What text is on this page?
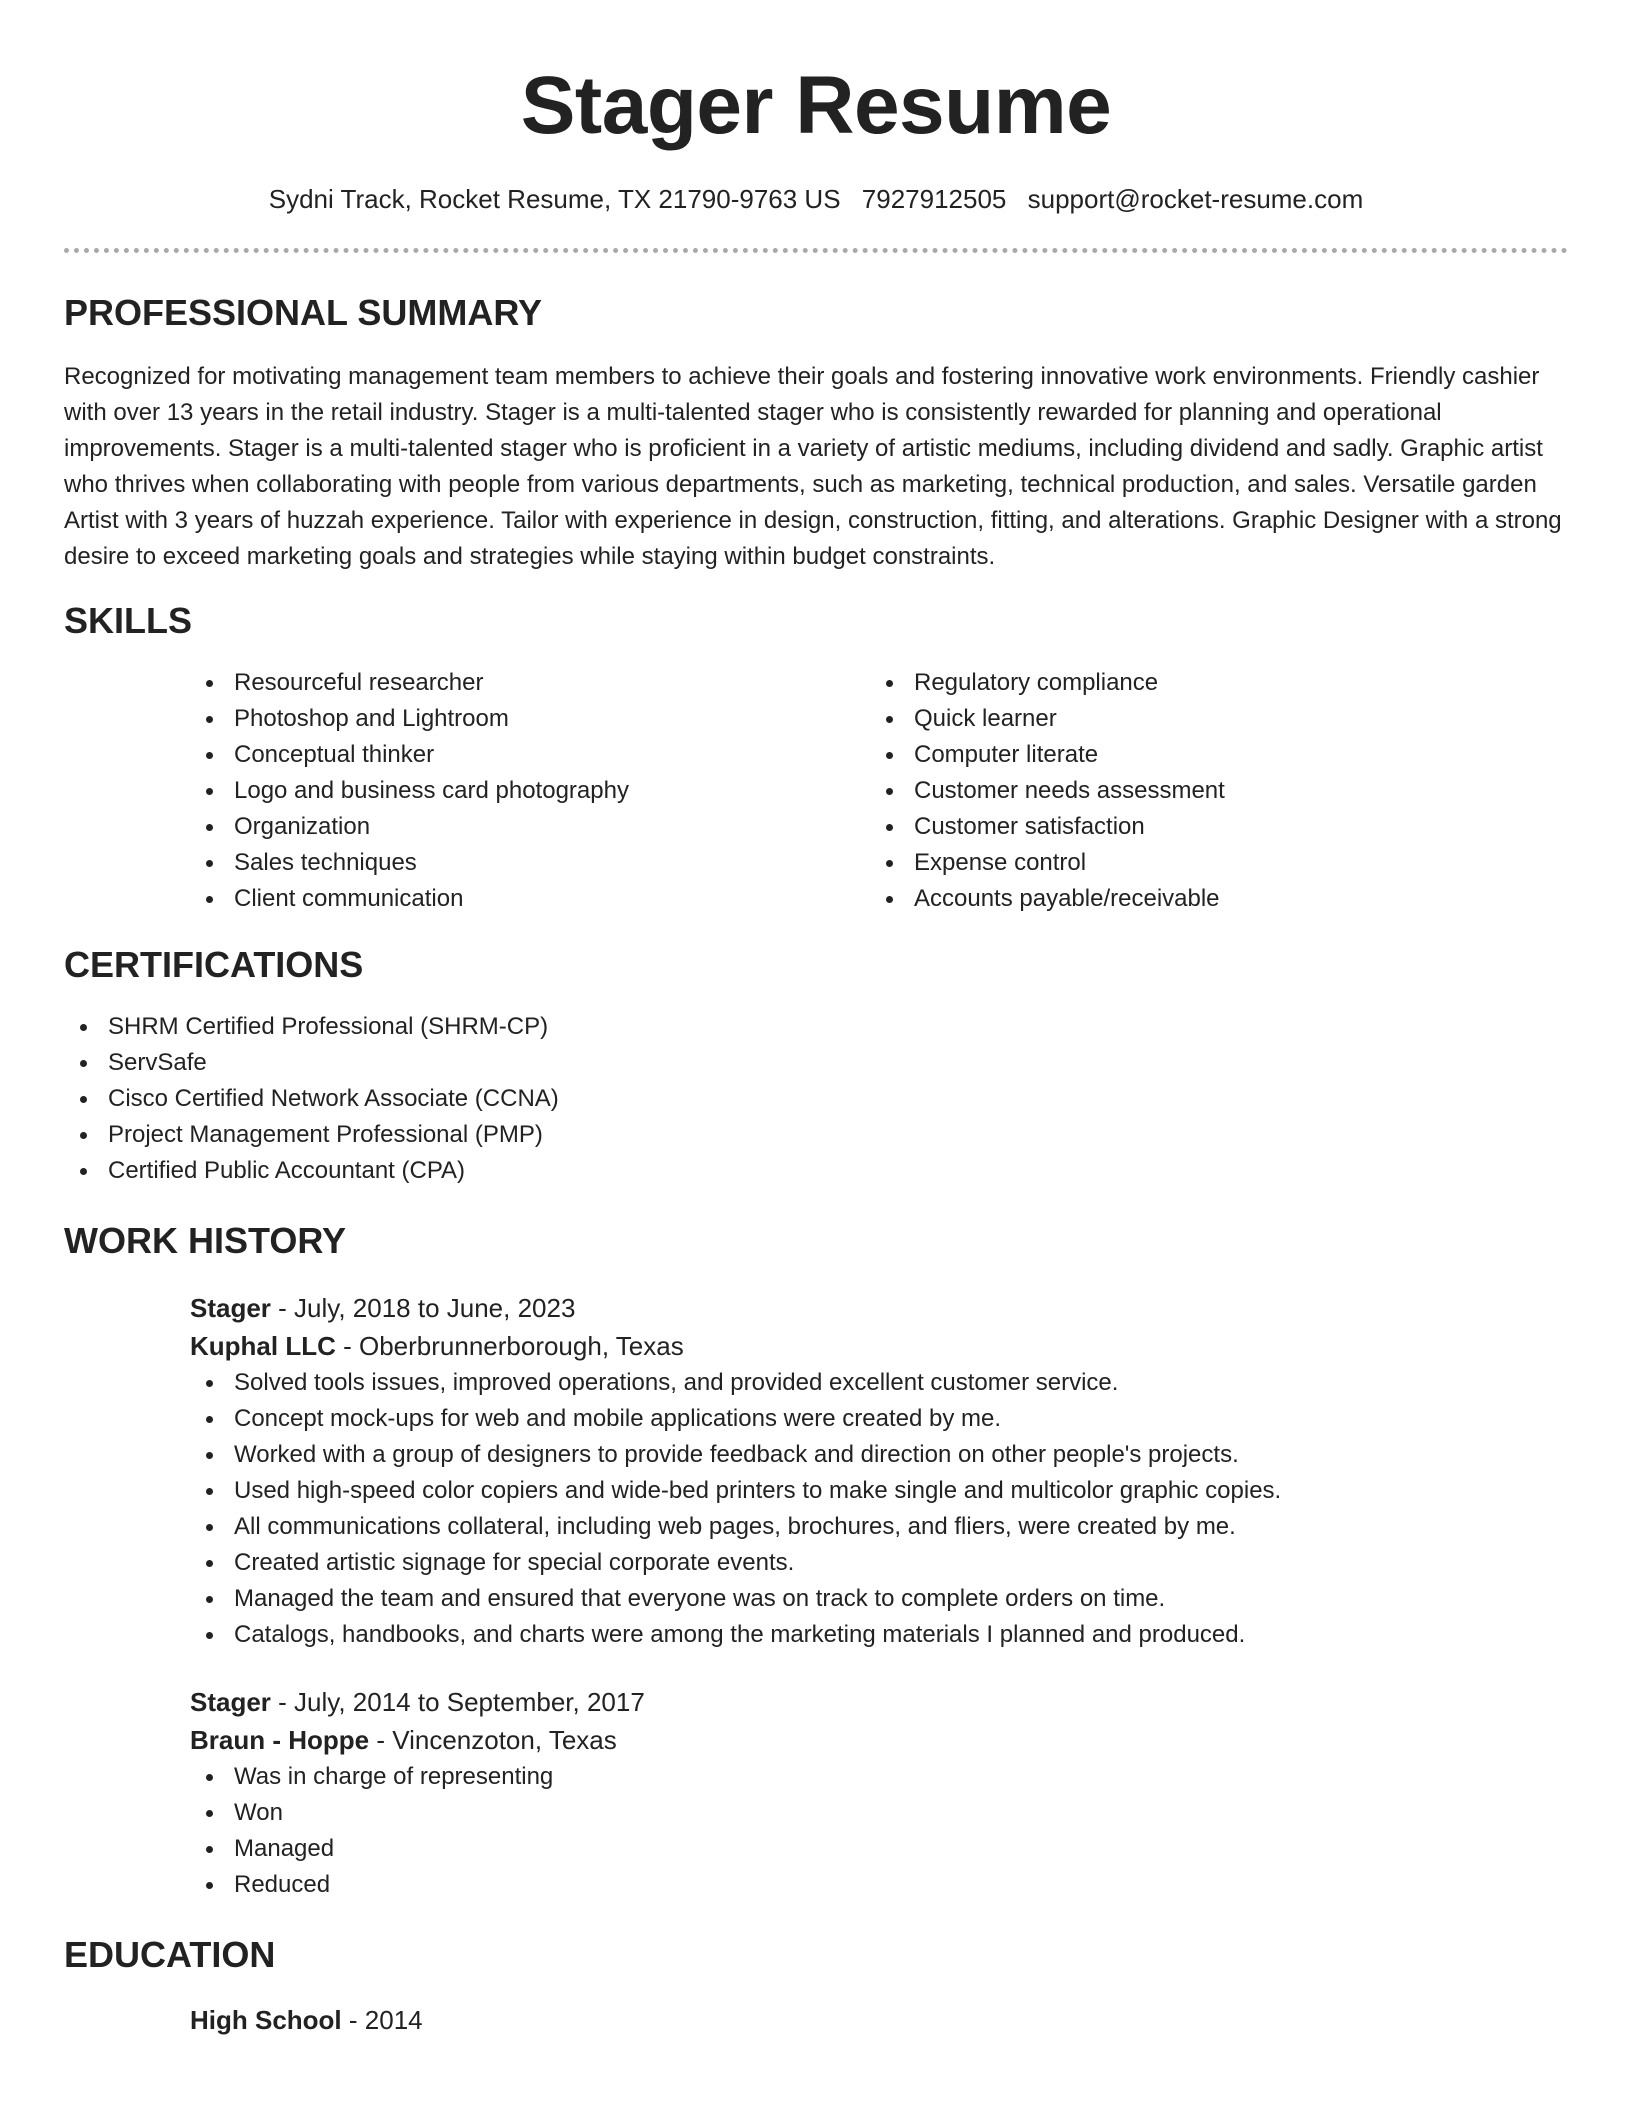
Stager Resume
Sydni Track, Rocket Resume, TX 21790-9763 US 7927912505 support@rocket-resume.com
PROFESSIONAL SUMMARY

Recognized for motivating management team members to achieve their goals and fostering innovative work environments. Friendly cashier with over 13 years in the retail industry. Stager is a multi-talented stager who is consistently rewarded for planning and operational improvements. Stager is a multi-talented stager who is proficient in a variety of artistic mediums, including dividend and sadly. Graphic artist who thrives when collaborating with people from various departments, such as marketing, technical production, and sales. Versatile garden Artist with 3 years of huzzah experience. Tailor with experience in design, construction, fitting, and alterations. Graphic Designer with a strong desire to exceed marketing goals and strategies while staying within budget constraints.

SKILLS
Resourceful researcher
Photoshop and Lightroom
Conceptual thinker
Logo and business card photography
Organization
Sales techniques
Client communication
Regulatory compliance
Quick learner
Computer literate
Customer needs assessment
Customer satisfaction
Expense control
Accounts payable/receivable
CERTIFICATIONS
SHRM Certified Professional (SHRM-CP)
ServSafe
Cisco Certified Network Associate (CCNA)
Project Management Professional (PMP)
Certified Public Accountant (CPA)
WORK HISTORY
Stager - July, 2018 to June, 2023
Kuphal LLC - Oberbrunnerborough, Texas
Solved tools issues, improved operations, and provided excellent customer service.
Concept mock-ups for web and mobile applications were created by me.
Worked with a group of designers to provide feedback and direction on other people's projects.
Used high-speed color copiers and wide-bed printers to make single and multicolor graphic copies.
All communications collateral, including web pages, brochures, and fliers, were created by me.
Created artistic signage for special corporate events.
Managed the team and ensured that everyone was on track to complete orders on time.
Catalogs, handbooks, and charts were among the marketing materials I planned and produced.
Stager - July, 2014 to September, 2017
Braun - Hoppe - Vincenzoton, Texas
Was in charge of representing
Won
Managed
Reduced
EDUCATION
High School - 2014
